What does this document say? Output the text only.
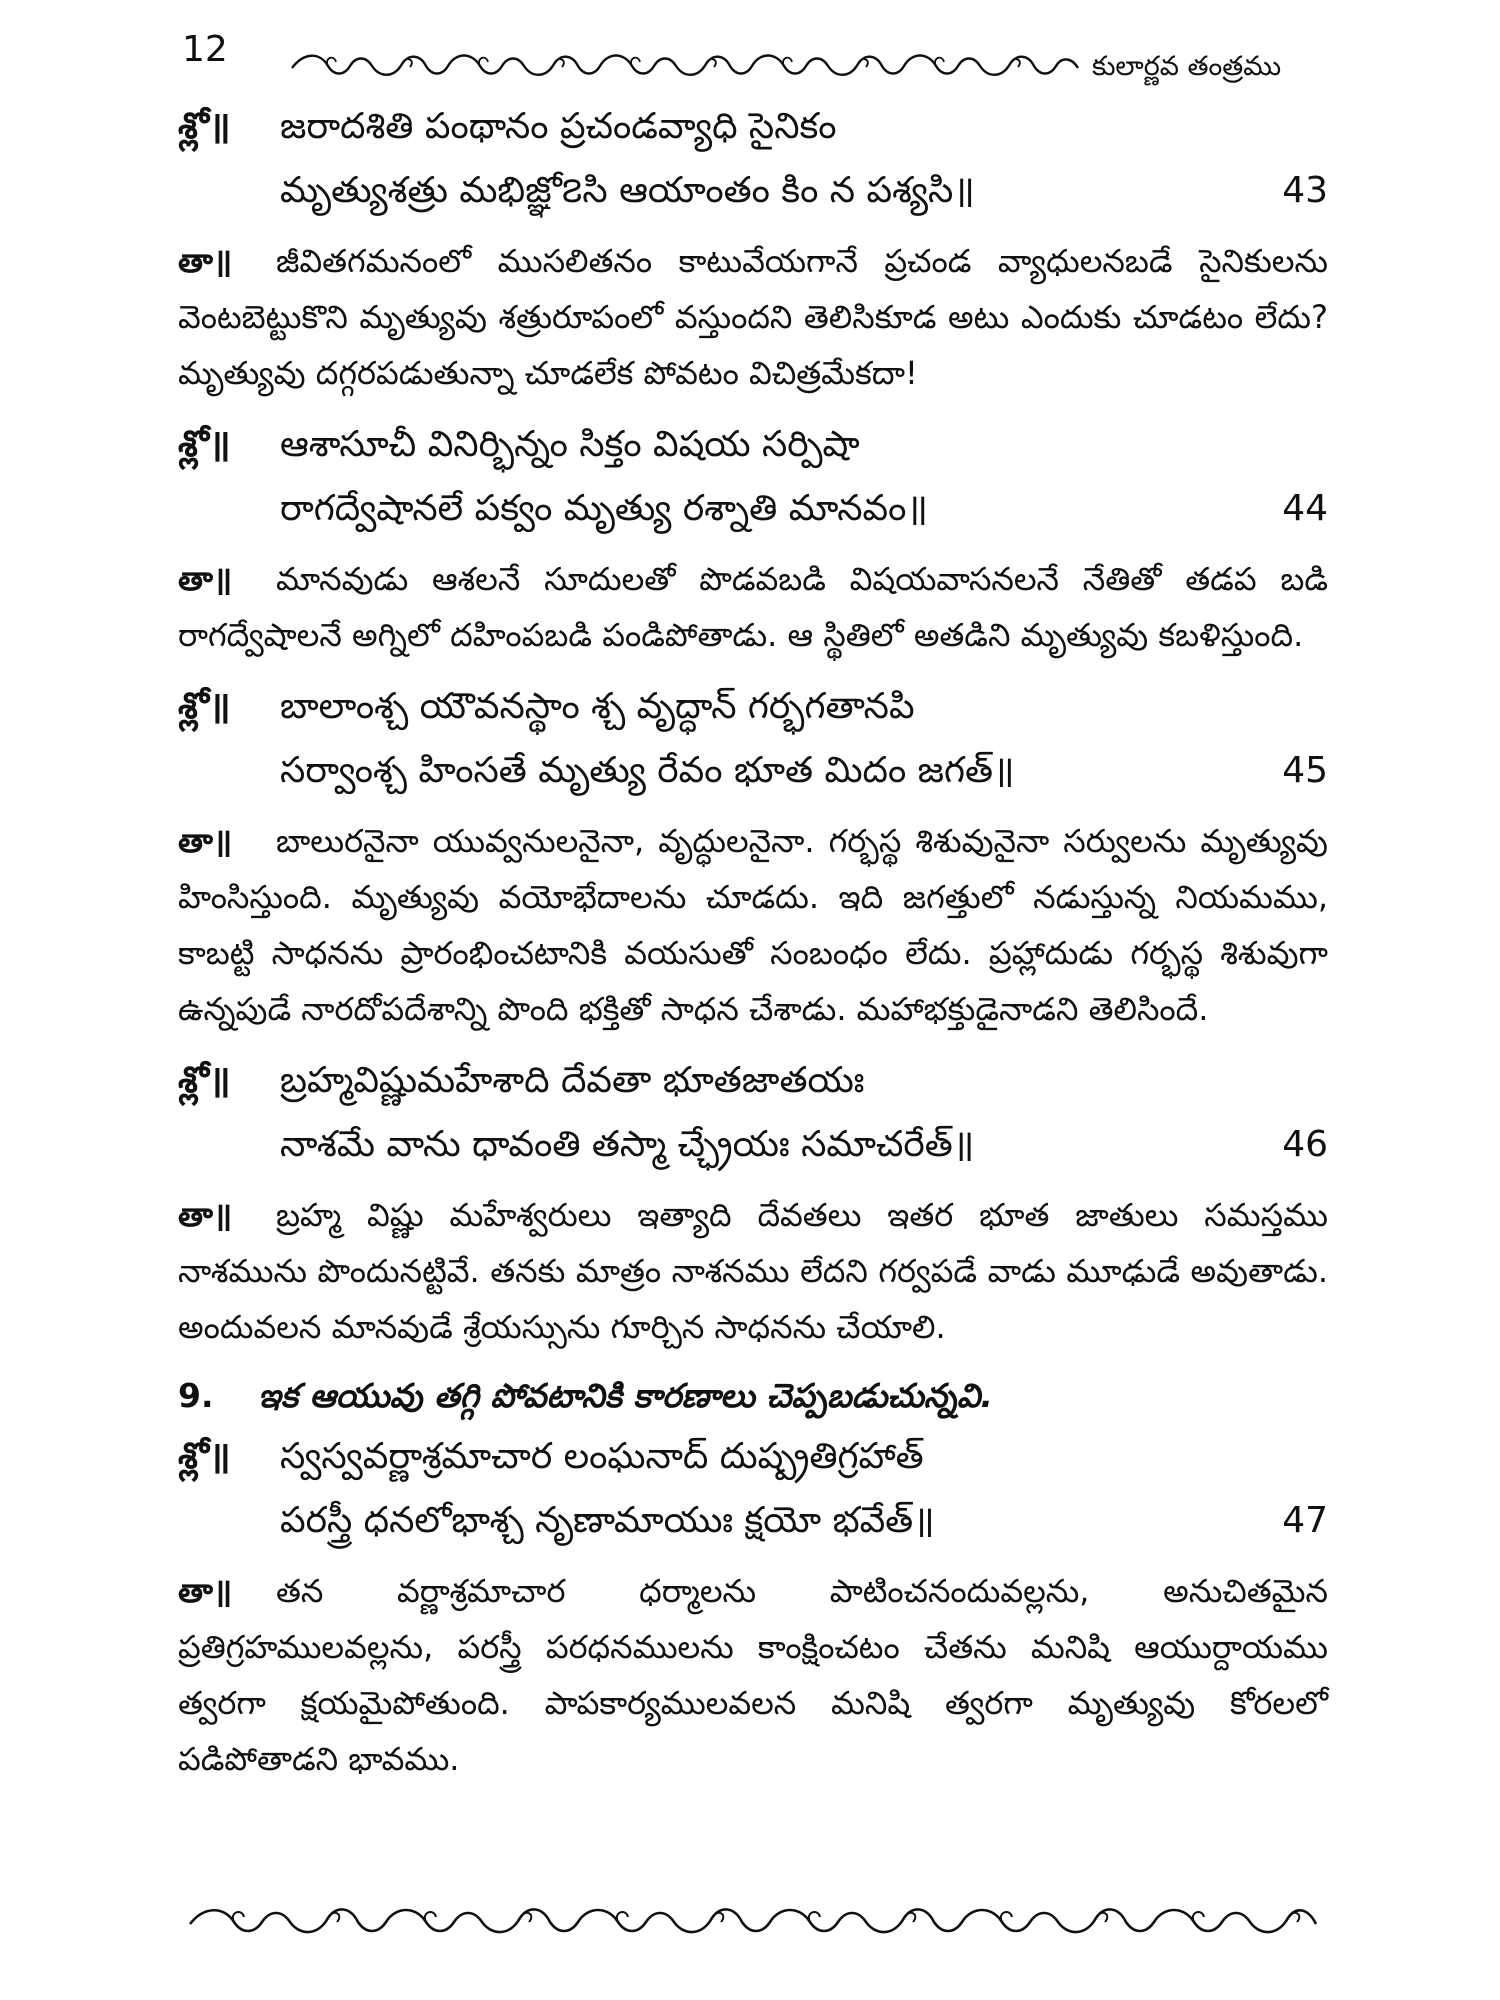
12	కులార్ణవ తంత్రము
శ్లో॥	జరాదశితి పంథానం ప్రచండవ్యాధి సైనికం
మృత్యుశత్రు మభిజ్ఞో౭సి ఆయాంతం కిం న పశ్యసి॥	43

తా॥ జీవితగమనంలో ముసలితనం కాటువేయగానే ప్రచండ వ్యాధులనబడే సైనికులను వెంటబెట్టుకొని మృత్యువు శత్రురూపంలో వస్తుందని తెలిసికూడ అటు ఎందుకు చూడటం లేదు? మృత్యువు దగ్గరపడుతున్నా చూడలేక పోవటం విచిత్రమేకదా!

శ్లో॥	ఆశాసూచీ వినిర్భిన్నం సిక్తం విషయ సర్పిషా
రాగద్వేషానలే పక్వం మృత్యు రశ్నాతి మానవం॥	44

తా॥ మానవుడు ఆశలనే సూదులతో పొడవబడి విషయవాసనలనే నేతితో తడప బడి రాగద్వేషాలనే అగ్నిలో దహింపబడి పండిపోతాడు. ఆ స్థితిలో అతడిని మృత్యువు కబళిస్తుంది.

శ్లో॥	బాలాంశ్చ యౌవనస్థాం శ్చ వృద్ధాన్ గర్భగతానపి
సర్వాంశ్చ హింసతే మృత్యు రేవం భూత మిదం జగత్॥	45

తా॥ బాలురనైనా యువ్వనులనైనా, వృద్ధులనైనా. గర్భస్థ శిశువునైనా సర్వులను మృత్యువు హింసిస్తుంది. మృత్యువు వయోభేదాలను చూడదు. ఇది జగత్తులో నడుస్తున్న నియమము, కాబట్టి సాధనను ప్రారంభించటానికి వయసుతో సంబంధం లేదు. ప్రహ్లాదుడు గర్భస్థ శిశువుగా ఉన్నపుడే నారదోపదేశాన్ని పొంది భక్తితో సాధన చేశాడు. మహాభక్తుడైనాడని తెలిసిందే.

శ్లో॥	బ్రహ్మవిష్ణుమహేశాది దేవతా భూతజాతయః
నాశమే వాను ధావంతి తస్మా చ్ఛ్రేయః సమాచరేత్॥	46

తా॥ బ్రహ్మ విష్ణు మహేశ్వరులు ఇత్యాది దేవతలు ఇతర భూత జాతులు సమస్తము నాశమును పొందునట్టివే. తనకు మాత్రం నాశనము లేదని గర్వపడే వాడు మూఢుడే అవుతాడు. అందువలన మానవుడే శ్రేయస్సును గూర్చిన సాధనను చేయాలి.

9.	ఇక ఆయువు తగ్గి పోవటానికి కారణాలు చెప్పబడుచున్నవి.
శ్లో॥	స్వస్వవర్ణాశ్రమాచార లంఘనాద్ దుష్ప్రతిగ్రహాత్
పరస్త్రీ ధనలోభాశ్చ నృణామాయుః క్షయో భవేత్॥	47

తా॥ తన వర్ణాశ్రమాచార ధర్మాలను పాటించనందువల్లను, అనుచితమైన ప్రతిగ్రహములవల్లను, పరస్త్రీ పరధనములను కాంక్షించటం చేతను మనిషి ఆయుర్దాయము త్వరగా క్షయమైపోతుంది. పాపకార్యములవలన మనిషి త్వరగా మృత్యువు కోరలలో పడిపోతాడని భావము.
